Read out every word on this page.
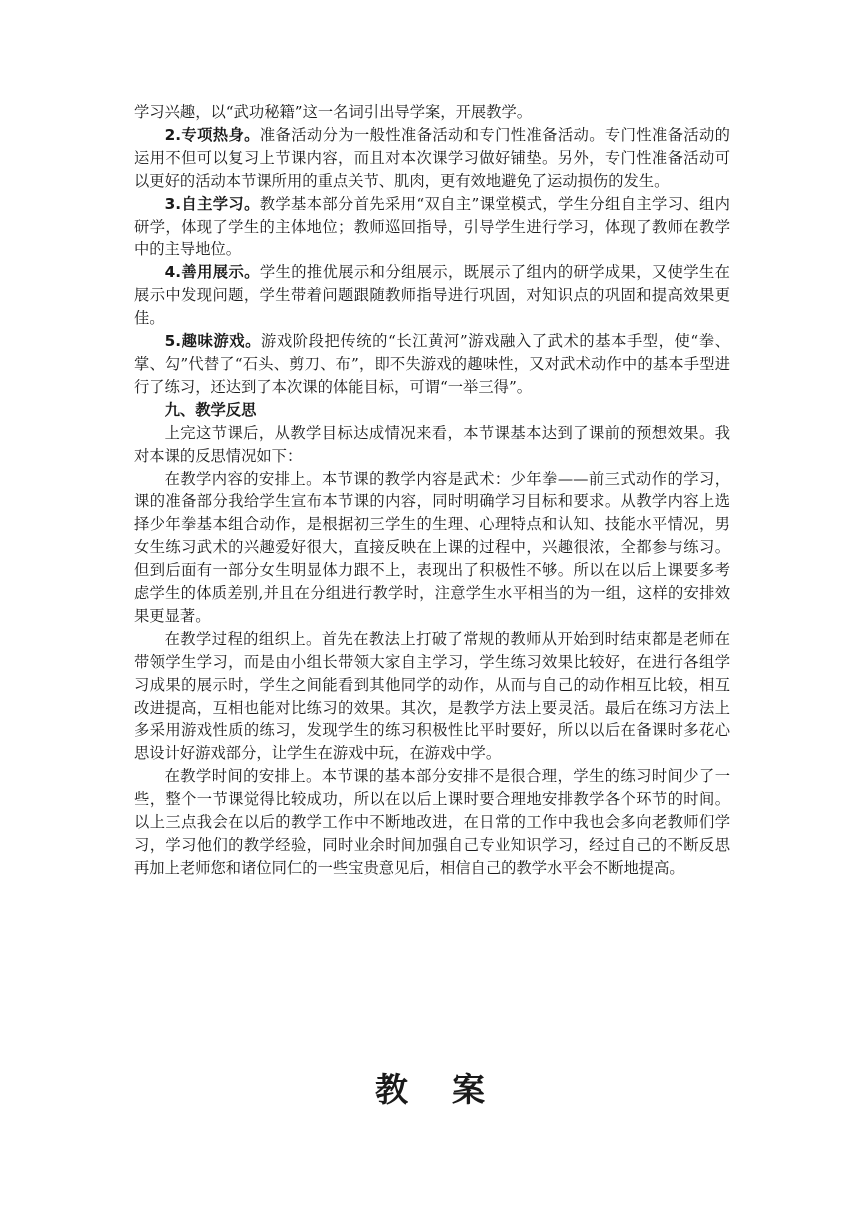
学习兴趣，以“武功秘籍”这一名词引出导学案，开展教学。

2.专项热身。准备活动分为一般性准备活动和专门性准备活动。专门性准备活动的运用不但可以复习上节课内容，而且对本次课学习做好铺垫。另外，专门性准备活动可以更好的活动本节课所用的重点关节、肌肉，更有效地避免了运动损伤的发生。

3.自主学习。教学基本部分首先采用“双自主”课堂模式，学生分组自主学习、组内研学，体现了学生的主体地位；教师巡回指导，引导学生进行学习，体现了教师在教学中的主导地位。

4.善用展示。学生的推优展示和分组展示，既展示了组内的研学成果，又使学生在展示中发现问题，学生带着问题跟随教师指导进行巩固，对知识点的巩固和提高效果更佳。

5.趣味游戏。游戏阶段把传统的“长江黄河”游戏融入了武术的基本手型，使“拳、掌、勾”代替了“石头、剪刀、布”，即不失游戏的趣味性，又对武术动作中的基本手型进行了练习，还达到了本次课的体能目标，可谓“一举三得”。

九、教学反思

上完这节课后，从教学目标达成情况来看，本节课基本达到了课前的预想效果。我对本课的反思情况如下：

在教学内容的安排上。本节课的教学内容是武术：少年拳——前三式动作的学习，课的准备部分我给学生宣布本节课的内容，同时明确学习目标和要求。从教学内容上选择少年拳基本组合动作，是根据初三学生的生理、心理特点和认知、技能水平情况，男女生练习武术的兴趣爱好很大，直接反映在上课的过程中，兴趣很浓，全都参与练习。但到后面有一部分女生明显体力跟不上，表现出了积极性不够。所以在以后上课要多考虑学生的体质差别,并且在分组进行教学时，注意学生水平相当的为一组，这样的安排效果更显著。

在教学过程的组织上。首先在教法上打破了常规的教师从开始到时结束都是老师在带领学生学习，而是由小组长带领大家自主学习，学生练习效果比较好，在进行各组学习成果的展示时，学生之间能看到其他同学的动作，从而与自己的动作相互比较，相互改进提高，互相也能对比练习的效果。其次，是教学方法上要灵活。最后在练习方法上多采用游戏性质的练习，发现学生的练习积极性比平时要好，所以以后在备课时多花心思设计好游戏部分，让学生在游戏中玩，在游戏中学。

在教学时间的安排上。本节课的基本部分安排不是很合理，学生的练习时间少了一些，整个一节课觉得比较成功，所以在以后上课时要合理地安排教学各个环节的时间。 以上三点我会在以后的教学工作中不断地改进，在日常的工作中我也会多向老教师们学习，学习他们的教学经验，同时业余时间加强自己专业知识学习，经过自己的不断反思再加上老师您和诸位同仁的一些宝贵意见后，相信自己的教学水平会不断地提高。

教案
